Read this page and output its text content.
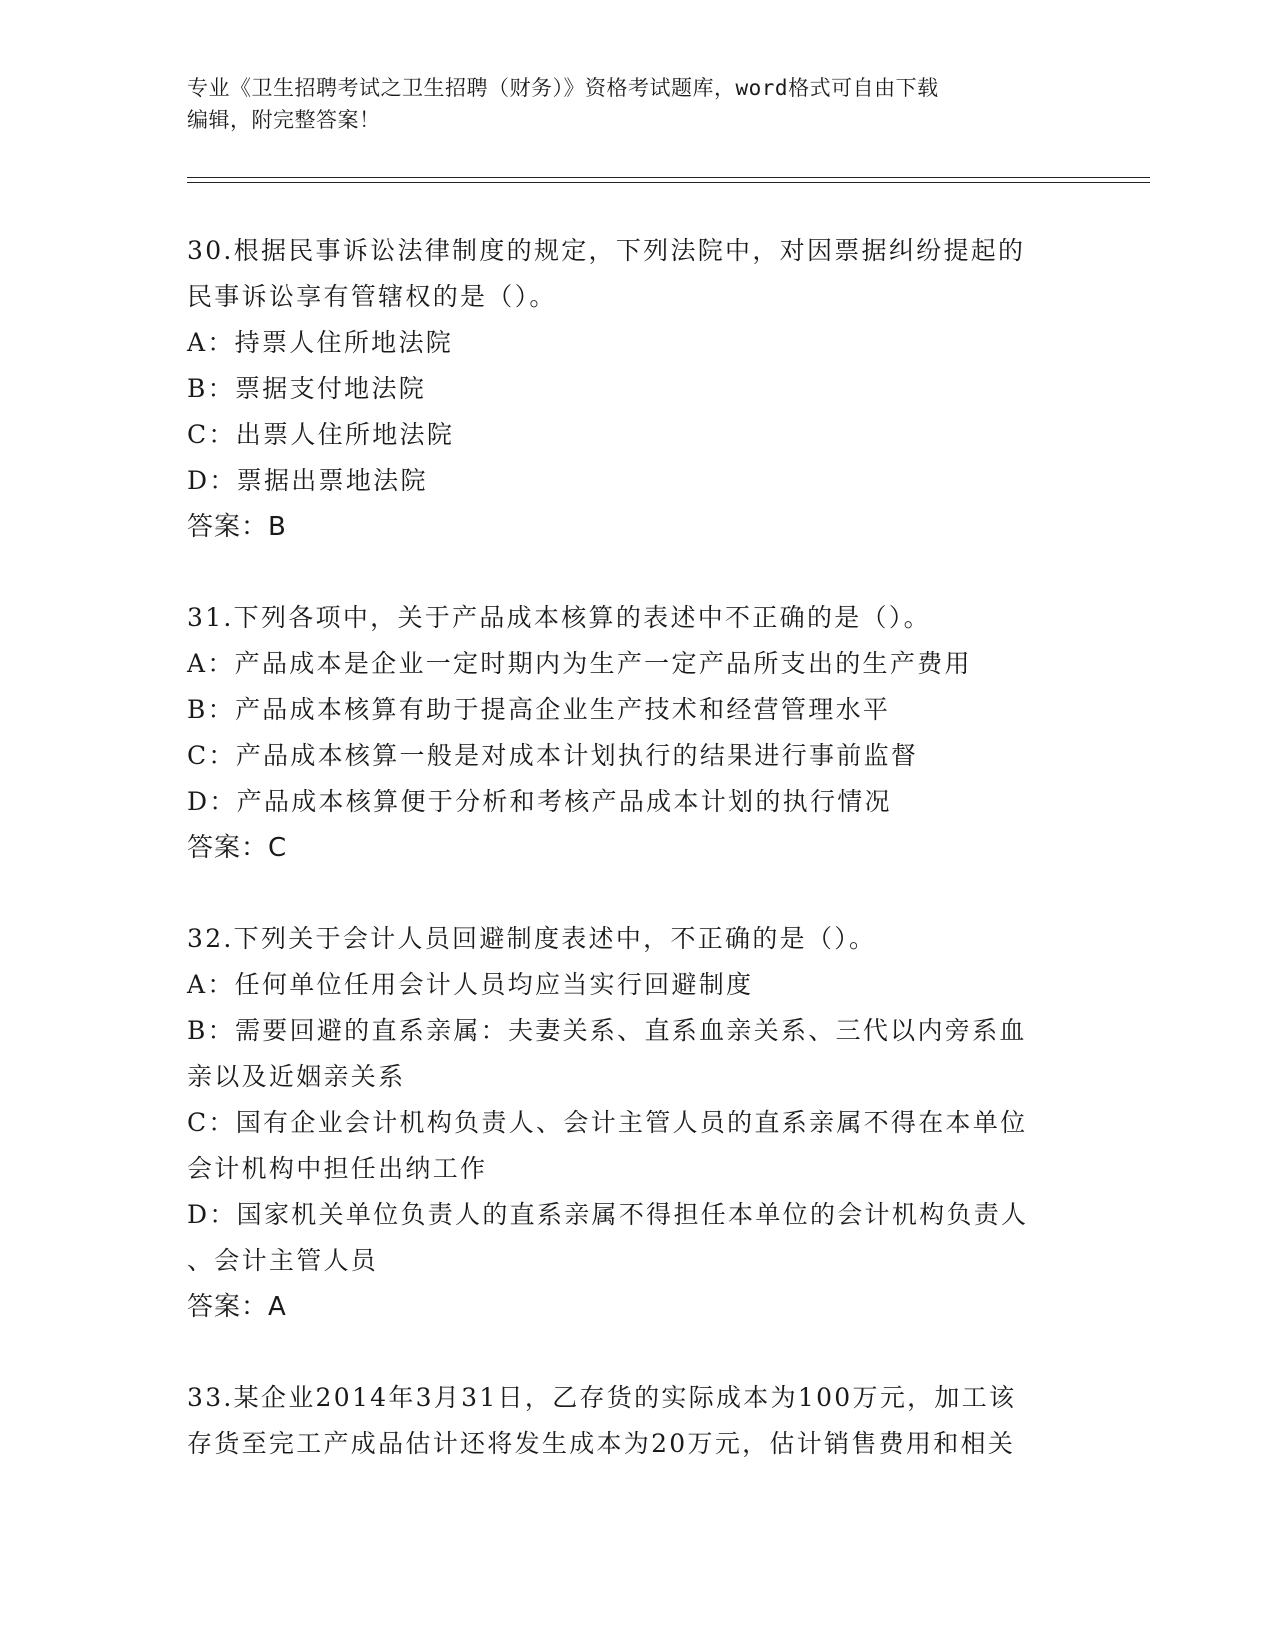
专业《卫生招聘考试之卫生招聘（财务）》资格考试题库，word格式可自由下载
编辑，附完整答案！
30.根据民事诉讼法律制度的规定，下列法院中，对因票据纠纷提起的
民事诉讼享有管辖权的是（）。
A：持票人住所地法院
B：票据支付地法院
C：出票人住所地法院
D：票据出票地法院
答案：B
31.下列各项中，关于产品成本核算的表述中不正确的是（）。
A：产品成本是企业一定时期内为生产一定产品所支出的生产费用
B：产品成本核算有助于提高企业生产技术和经营管理水平
C：产品成本核算一般是对成本计划执行的结果进行事前监督
D：产品成本核算便于分析和考核产品成本计划的执行情况
答案：C
32.下列关于会计人员回避制度表述中，不正确的是（）。
A：任何单位任用会计人员均应当实行回避制度
B：需要回避的直系亲属：夫妻关系、直系血亲关系、三代以内旁系血
亲以及近姻亲关系
C：国有企业会计机构负责人、会计主管人员的直系亲属不得在本单位
会计机构中担任出纳工作
D：国家机关单位负责人的直系亲属不得担任本单位的会计机构负责人
、会计主管人员
答案：A
33.某企业2014年3月31日，乙存货的实际成本为100万元，加工该
存货至完工产成品估计还将发生成本为20万元，估计销售费用和相关
